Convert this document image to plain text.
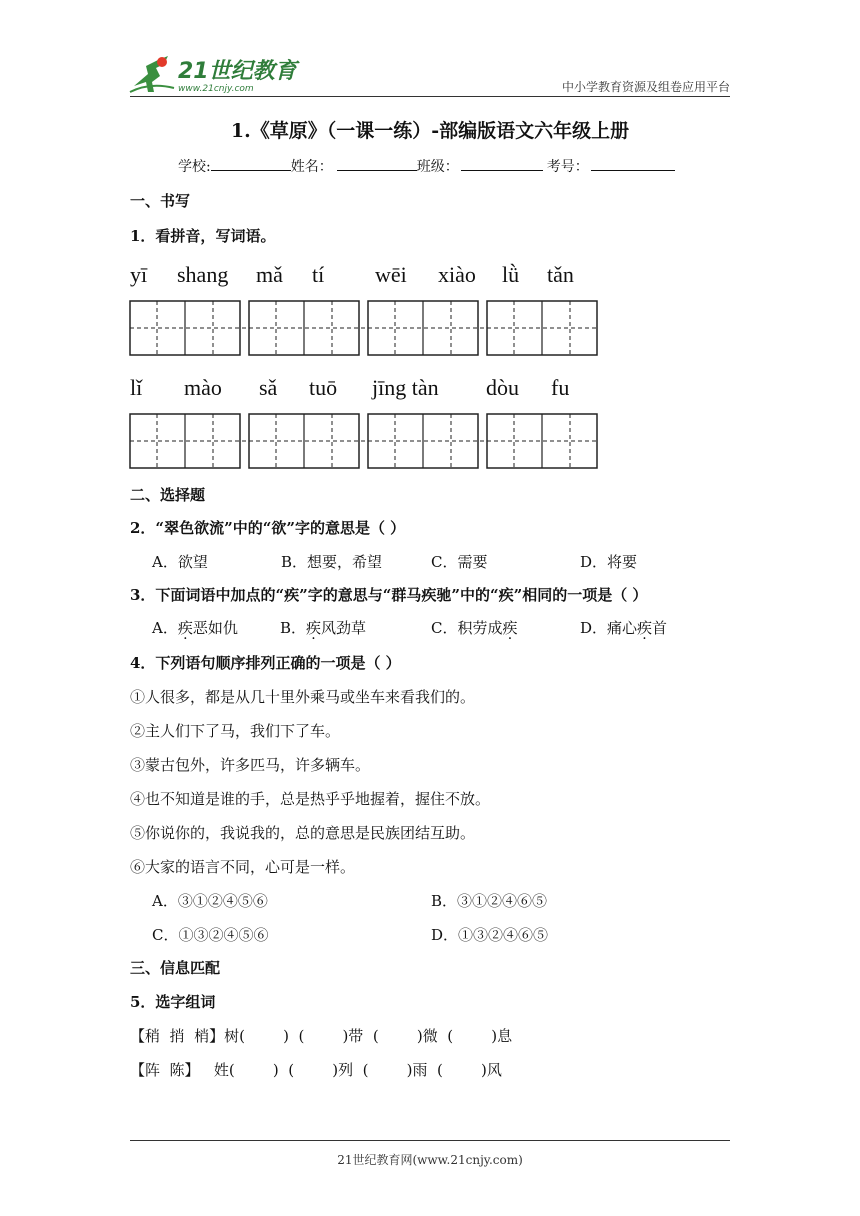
21世纪教育
www.21cnjy.com	中小学教育资源及组卷应用平台
1.《草原》（一课一练）-部编版语文六年级上册
学校:	姓名：	班级：	考号：
一、书写
1．看拼音，写词语。
yī shang mǎ tí wēi xiào lǜ tǎn
lǐ mào sǎ tuō jīng tàn dòu fu
二、选择题
2．“翠色欲流”中的“欲”字的意思是（ ）
A．欲望	B．想要，希望	C．需要	D．将要
3．下面词语中加点的“疾”字的意思与“群马疾驰”中的“疾”相同的一项是（ ）
A．疾恶如仇	B．疾风劲草	C．积劳成疾	D．痛心疾首
4．下列语句顺序排列正确的一项是（ ）
①人很多，都是从几十里外乘马或坐车来看我们的。
②主人们下了马，我们下了车。
③蒙古包外，许多匹马，许多辆车。
④也不知道是谁的手，总是热乎乎地握着，握住不放。
⑤你说你的，我说我的，总的意思是民族团结互助。
⑥大家的语言不同，心可是一样。
A．③①②④⑤⑥	B．③①②④⑥⑤
C．①③②④⑤⑥	D．①③②④⑥⑤
三、信息匹配
5．选字组词
【稍  捎  梢】树(        )  (        )带  (        )微  (        )息
【阵  陈】   姓(        )  (        )列  (        )雨  (        )风
21世纪教育网(www.21cnjy.com)
